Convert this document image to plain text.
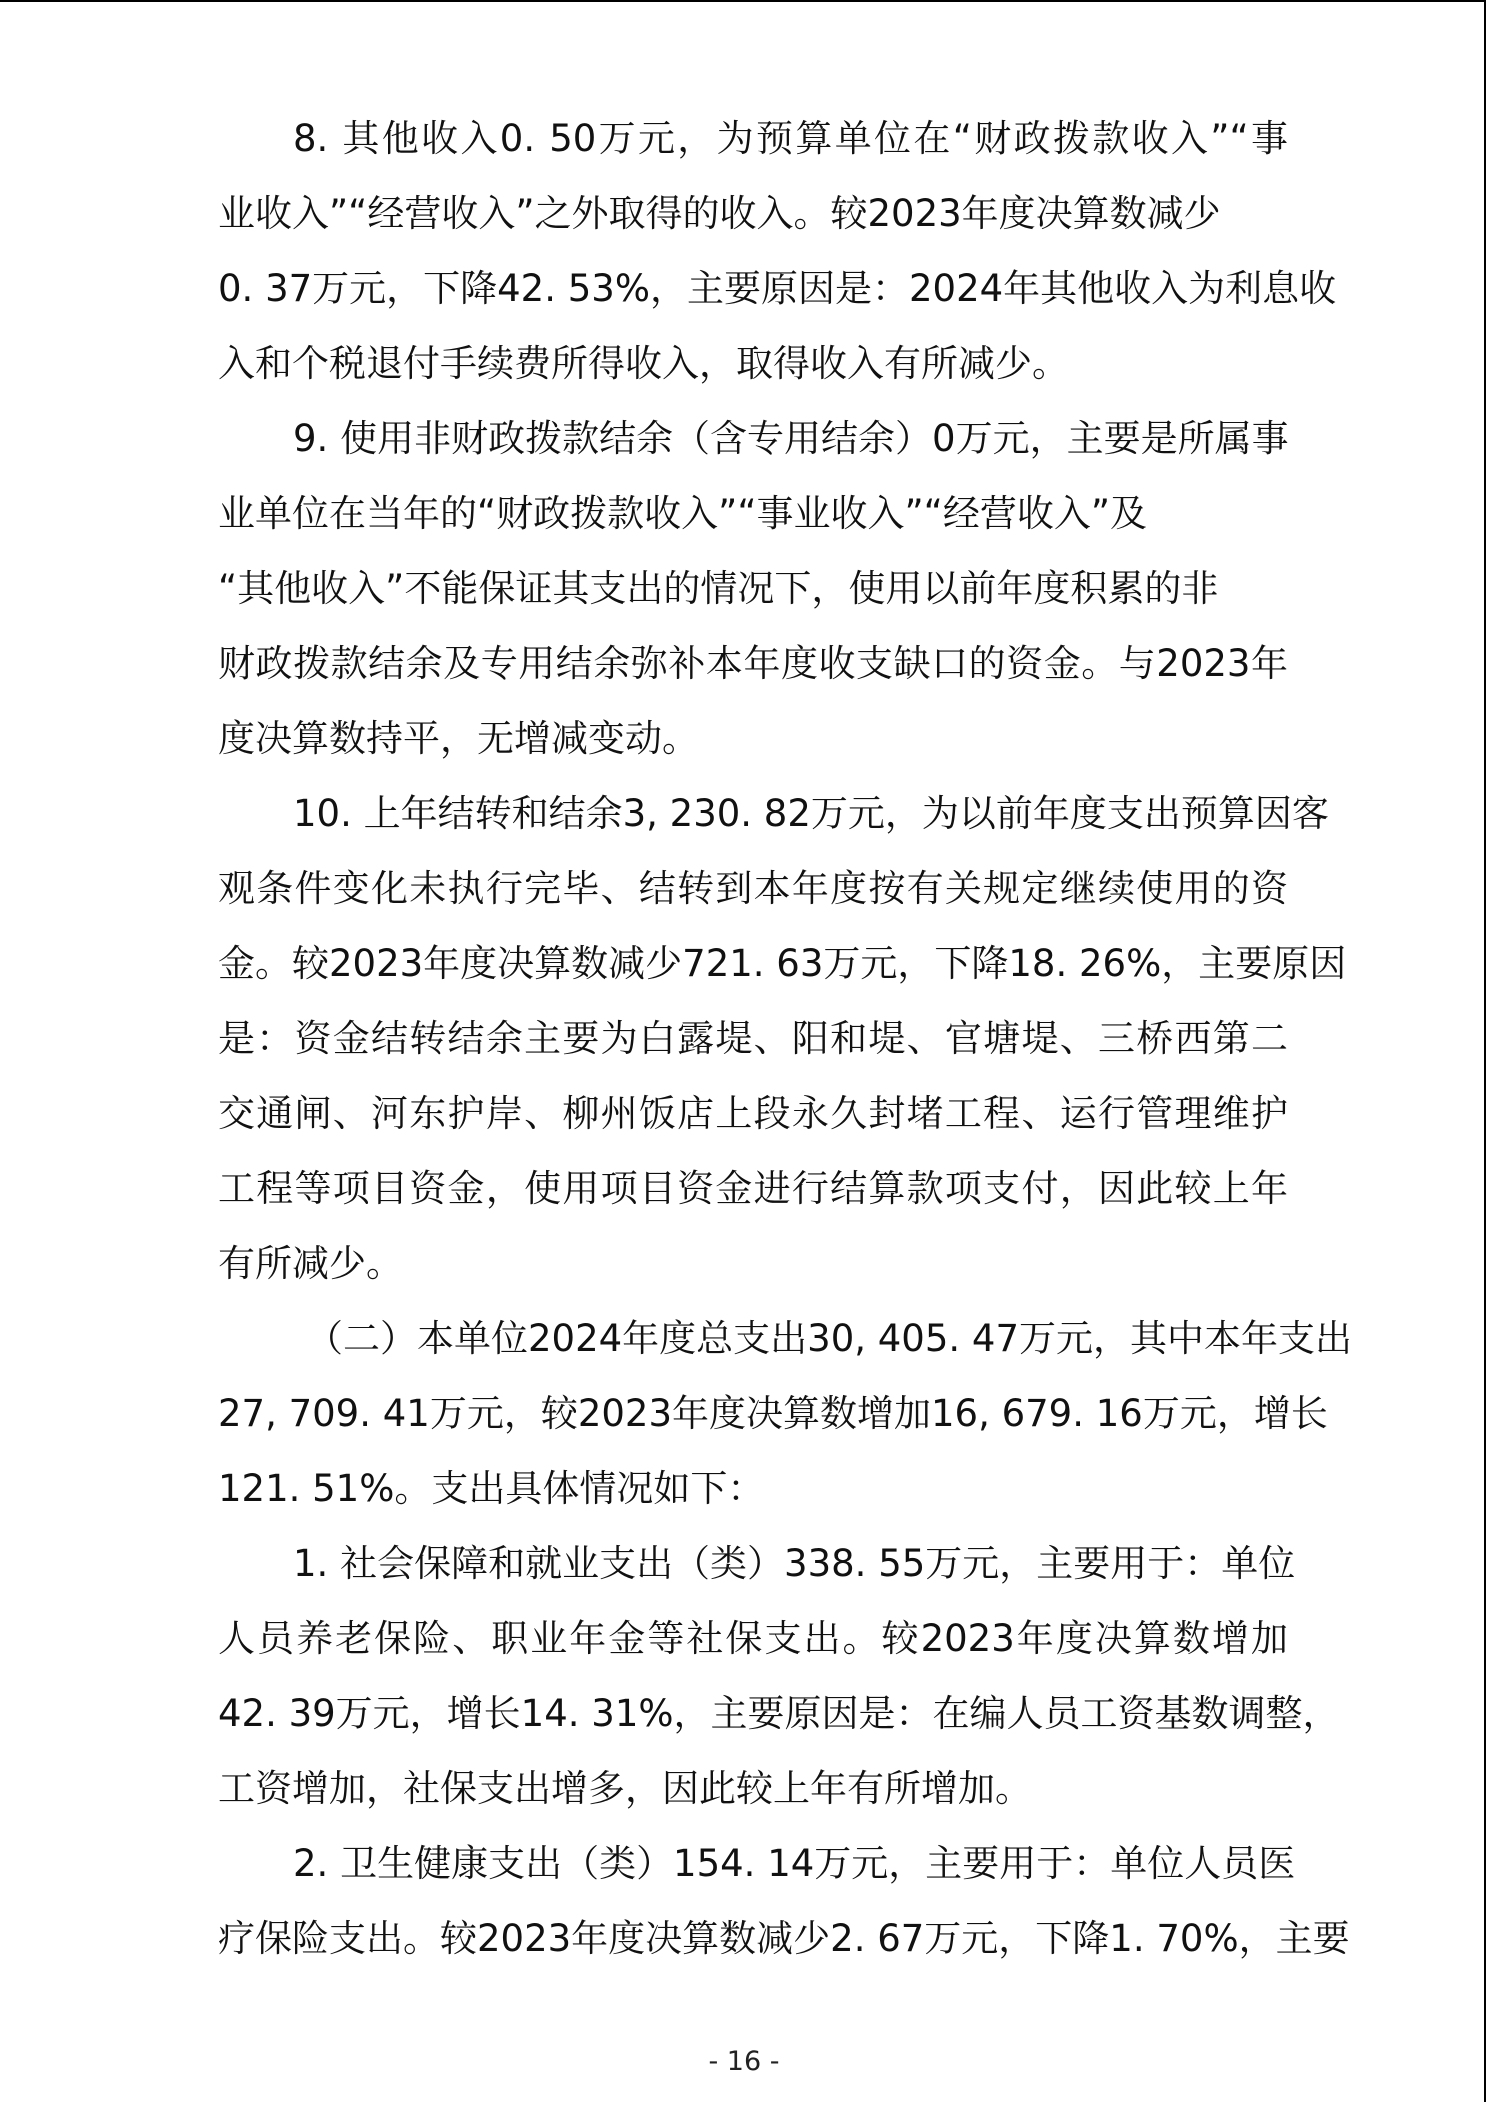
8. 其他收入0. 50万元，为预算单位在“财政拨款收入”“事
业收入”“经营收入”之外取得的收入。较2023年度决算数减少
0. 37万元，下降42. 53%，主要原因是：2024年其他收入为利息收
入和个税退付手续费所得收入，取得收入有所减少。
9. 使用非财政拨款结余（含专用结余）0万元，主要是所属事
业单位在当年的“财政拨款收入”“事业收入”“经营收入”及
“其他收入”不能保证其支出的情况下，使用以前年度积累的非
财政拨款结余及专用结余弥补本年度收支缺口的资金。与2023年
度决算数持平，无增减变动。
10. 上年结转和结余3, 230. 82万元，为以前年度支出预算因客
观条件变化未执行完毕、结转到本年度按有关规定继续使用的资
金。较2023年度决算数减少721. 63万元，下降18. 26%，主要原因
是：资金结转结余主要为白露堤、阳和堤、官塘堤、三桥西第二
交通闸、河东护岸、柳州饭店上段永久封堵工程、运行管理维护
工程等项目资金，使用项目资金进行结算款项支付，因此较上年
有所减少。
（二）本单位2024年度总支出30, 405. 47万元，其中本年支出
27, 709. 41万元，较2023年度决算数增加16, 679. 16万元，增长
121. 51%。支出具体情况如下：
1. 社会保障和就业支出（类）338. 55万元，主要用于：单位
人员养老保险、职业年金等社保支出。较2023年度决算数增加
42. 39万元，增长14. 31%，主要原因是：在编人员工资基数调整，
工资增加，社保支出增多，因此较上年有所增加。
2. 卫生健康支出（类）154. 14万元，主要用于：单位人员医
疗保险支出。较2023年度决算数减少2. 67万元，下降1. 70%，主要
- 16 -
